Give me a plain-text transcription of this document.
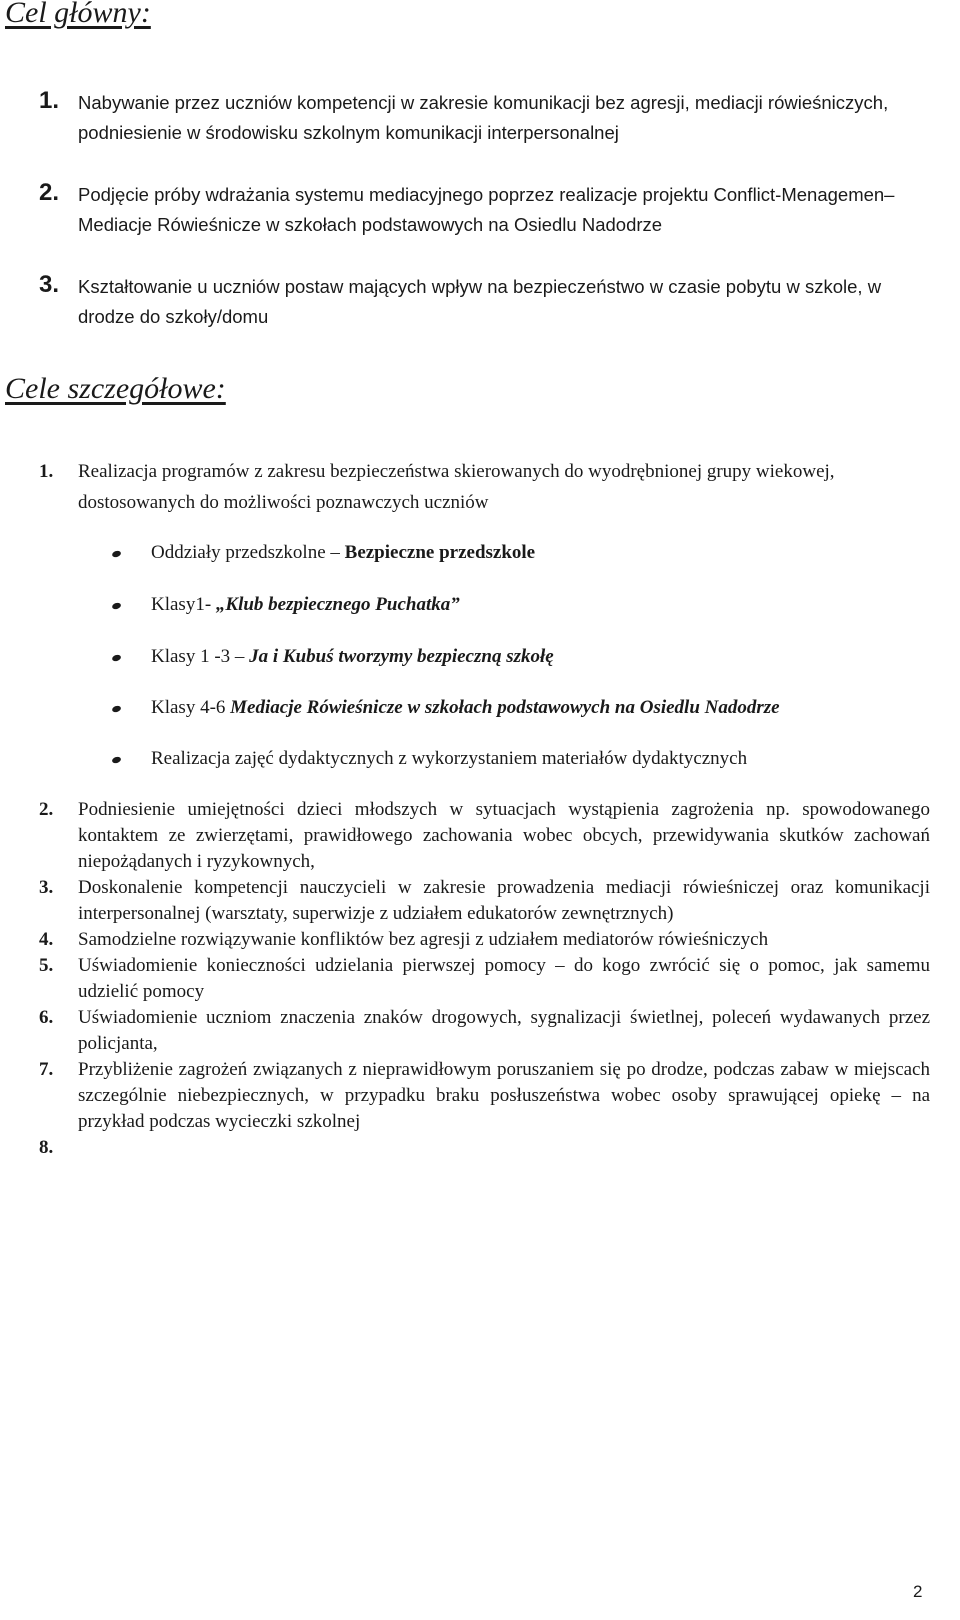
Cel główny:
1. Nabywanie przez uczniów kompetencji w zakresie komunikacji bez agresji, mediacji rówieśniczych, podniesienie w środowisku szkolnym komunikacji interpersonalnej
2. Podjęcie próby wdrażania systemu mediacyjnego poprzez realizacje projektu Conflict-Menagemen– Mediacje Rówieśnicze w szkołach podstawowych na Osiedlu Nadodrze
3. Kształtowanie u uczniów postaw mających wpływ na bezpieczeństwo w czasie pobytu w szkole, w drodze do szkoły/domu
Cele szczegółowe:
1. Realizacja programów z zakresu bezpieczeństwa skierowanych do wyodrębnionej grupy wiekowej, dostosowanych do możliwości poznawczych uczniów

Oddziały przedszkolne – Bezpieczne przedszkole
Klasy1- „Klub bezpiecznego Puchatka”
Klasy 1 -3 – Ja i Kubuś tworzymy bezpieczną szkołę
Klasy 4-6 Mediacje Rówieśnicze w szkołach podstawowych na Osiedlu Nadodrze
Realizacja zajęć dydaktycznych z wykorzystaniem materiałów dydaktycznych
2. Podniesienie umiejętności dzieci młodszych w sytuacjach wystąpienia zagrożenia np. spowodowanego kontaktem ze zwierzętami, prawidłowego zachowania wobec obcych, przewidywania skutków zachowań niepożądanych i ryzykownych,

3. Doskonalenie kompetencji nauczycieli w zakresie prowadzenia mediacji rówieśniczej oraz komunikacji interpersonalnej (warsztaty, superwizje z udziałem edukatorów zewnętrznych)

4. Samodzielne rozwiązywanie konfliktów bez agresji z udziałem mediatorów rówieśniczych

5. Uświadomienie konieczności udzielania pierwszej pomocy – do kogo zwrócić się o pomoc, jak samemu udzielić pomocy

6. Uświadomienie uczniom znaczenia znaków drogowych, sygnalizacji świetlnej, poleceń wydawanych przez policjanta,

7. Przybliżenie zagrożeń związanych z nieprawidłowym poruszaniem się po drodze, podczas zabaw w miejscach szczególnie niebezpiecznych, w przypadku braku posłuszeństwa wobec osoby sprawującej opiekę – na przykład podczas wycieczki szkolnej

8.

2
